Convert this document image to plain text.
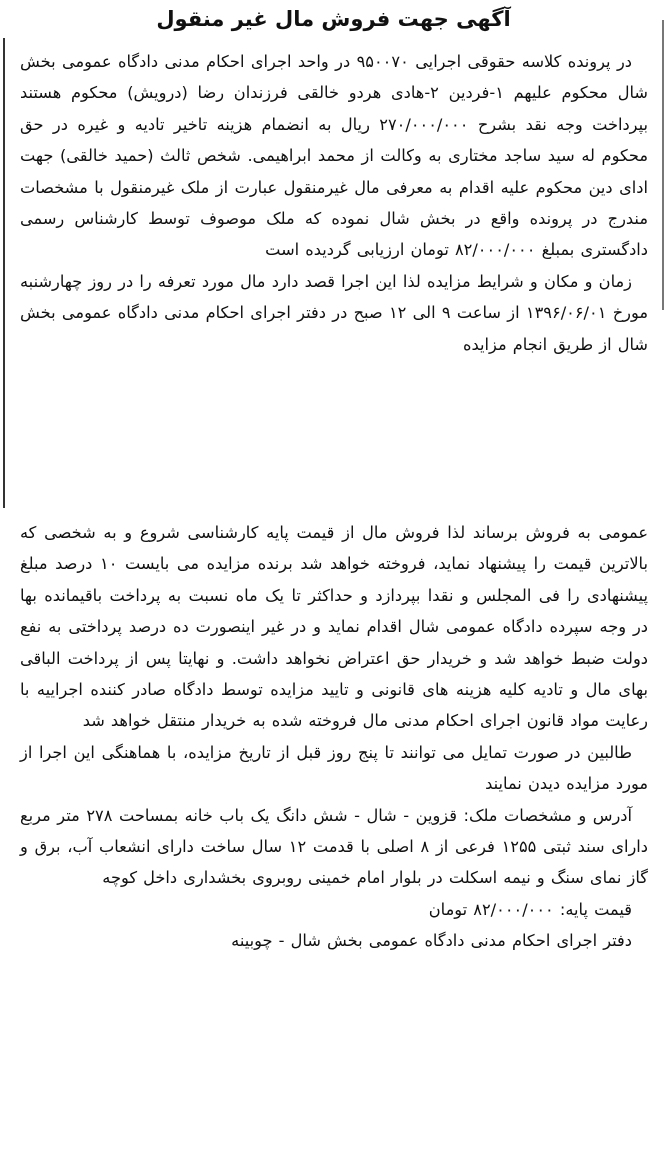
آگهی جهت فروش مال غیر منقول

در پرونده کلاسه حقوقی اجرایی ۹۵۰۰۷۰ در واحد اجرای احکام مدنی دادگاه عمومی بخش شال محکوم علیهم ۱-فردین ۲-هادی هردو خالقی فرزندان رضا (درویش) محکوم هستند بپرداخت وجه نقد بشرح ۲۷۰/۰۰۰/۰۰۰ ریال به انضمام هزینه تاخیر تادیه و غیره در حق محکوم له سید ساجد مختاری به وکالت از محمد ابراهیمی. شخص ثالث (حمید خالقی) جهت ادای دین محکوم علیه اقدام به معرفی مال غیرمنقول عبارت از ملک غیرمنقول با مشخصات مندرج در پرونده واقع در بخش شال نموده که ملک موصوف توسط کارشناس رسمی دادگستری بمبلغ ۸۲/۰۰۰/۰۰۰ تومان ارزیابی گردیده است

زمان و مکان و شرایط مزایده لذا این اجرا قصد دارد مال مورد تعرفه را در روز چهارشنبه مورخ ۱۳۹۶/۰۶/۰۱ از ساعت ۹ الی ۱۲ صبح در دفتر اجرای احکام مدنی دادگاه عمومی بخش شال از طریق انجام مزایده

عمومی به فروش برساند لذا فروش مال از قیمت پایه کارشناسی شروع و به شخصی که بالاترین قیمت را پیشنهاد نماید، فروخته خواهد شد برنده مزایده می بایست ۱۰ درصد مبلغ پیشنهادی را فی المجلس و نقدا بپردازد و حداکثر تا یک ماه نسبت به پرداخت باقیمانده بها در وجه سپرده دادگاه عمومی شال اقدام نماید و در غیر اینصورت ده درصد پرداختی به نفع دولت ضبط خواهد شد و خریدار حق اعتراض نخواهد داشت. و نهایتا پس از پرداخت الباقی بهای مال و تادیه کلیه هزینه های قانونی و تایید مزایده توسط دادگاه صادر کننده اجراییه با رعایت مواد قانون اجرای احکام مدنی مال فروخته شده به خریدار منتقل خواهد شد

طالبین در صورت تمایل می توانند تا پنج روز قبل از تاریخ مزایده، با هماهنگی این اجرا از مورد مزایده دیدن نمایند

آدرس و مشخصات ملک: قزوین - شال - شش دانگ یک باب خانه بمساحت ۲۷۸ متر مربع دارای سند ثبتی ۱۲۵۵ فرعی از ۸ اصلی با قدمت ۱۲ سال ساخت دارای انشعاب آب، برق و گاز نمای سنگ و نیمه اسکلت در بلوار امام خمینی روبروی بخشداری داخل کوچه

قیمت پایه: ۸۲/۰۰۰/۰۰۰ تومان

دفتر اجرای احکام مدنی دادگاه عمومی بخش شال - چوبینه
